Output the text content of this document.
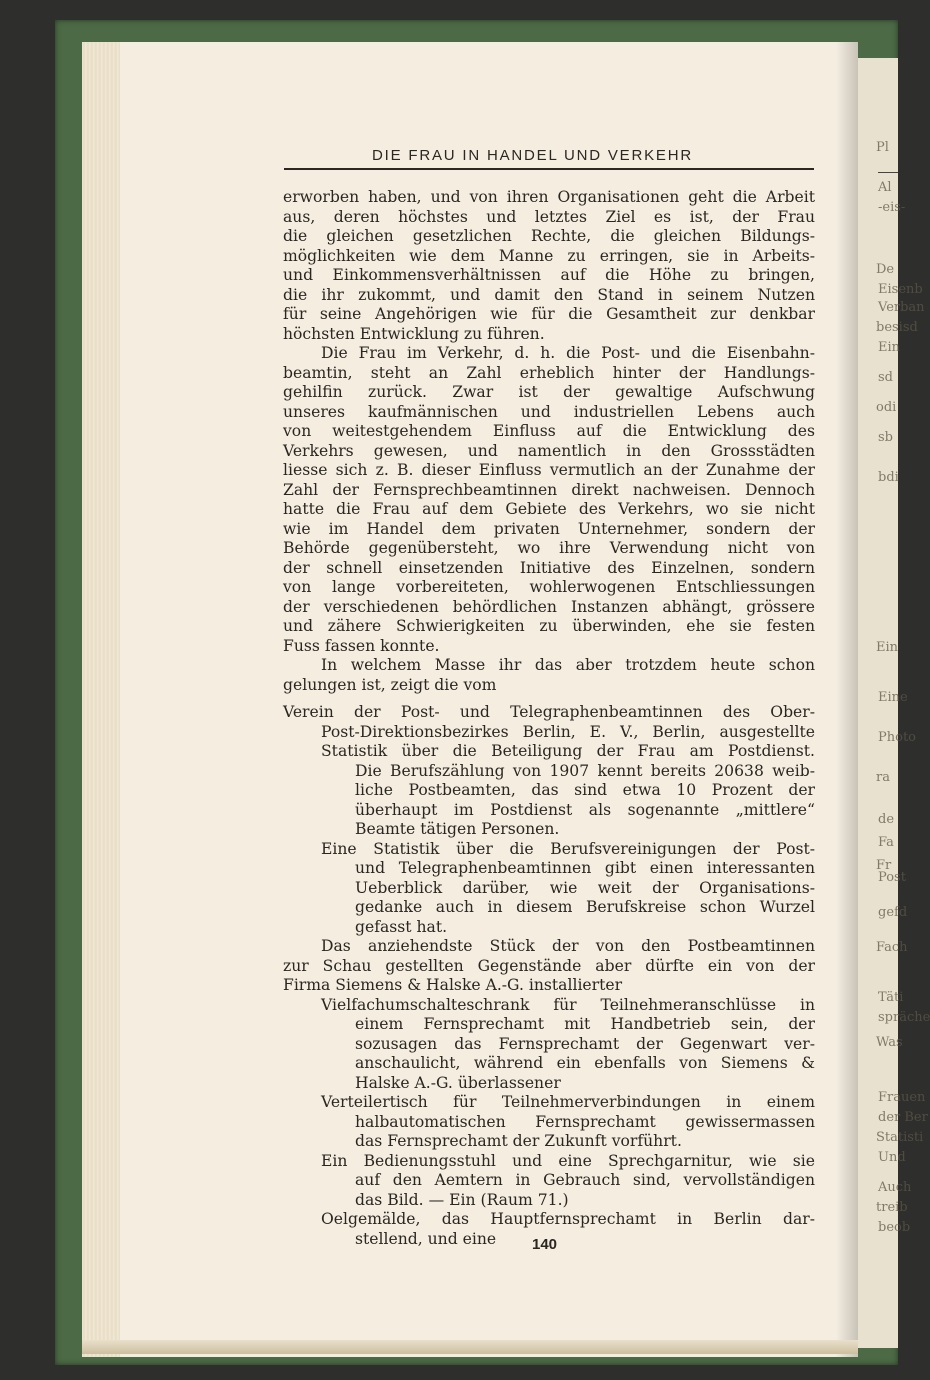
Pl
Al
-eis-
De
Eisenb
Verban
besisd
Ein
sd
odi
sb
bdi
Ein
Eine
Photo
ra
de
Fa
Fr
Post
gefd
Fach
Täti
spräche
Was
Frauen
der Ber
Statisti
Und
Auch
treib
beob
DIE FRAU IN HANDEL UND VERKEHR
erworben haben, und von ihren Organisationen geht die Arbeit
aus, deren höchstes und letztes Ziel es ist, der Frau
die gleichen gesetzlichen Rechte, die gleichen Bildungs-
möglichkeiten wie dem Manne zu erringen, sie in Arbeits-
und Einkommensverhältnissen auf die Höhe zu bringen,
die ihr zukommt, und damit den Stand in seinem Nutzen
für seine Angehörigen wie für die Gesamtheit zur denkbar
höchsten Entwicklung zu führen.
Die Frau im Verkehr, d. h. die Post- und die Eisenbahn-
beamtin, steht an Zahl erheblich hinter der Handlungs-
gehilfin zurück. Zwar ist der gewaltige Aufschwung
unseres kaufmännischen und industriellen Lebens auch
von weitestgehendem Einfluss auf die Entwicklung des
Verkehrs gewesen, und namentlich in den Grossstädten
liesse sich z. B. dieser Einfluss vermutlich an der Zunahme der
Zahl der Fernsprechbeamtinnen direkt nachweisen. Dennoch
hatte die Frau auf dem Gebiete des Verkehrs, wo sie nicht
wie im Handel dem privaten Unternehmer, sondern der
Behörde gegenübersteht, wo ihre Verwendung nicht von
der schnell einsetzenden Initiative des Einzelnen, sondern
von lange vorbereiteten, wohlerwogenen Entschliessungen
der verschiedenen behördlichen Instanzen abhängt, grössere
und zähere Schwierigkeiten zu überwinden, ehe sie festen
Fuss fassen konnte.
In welchem Masse ihr das aber trotzdem heute schon
gelungen ist, zeigt die vom
Verein der Post- und Telegraphenbeamtinnen des Ober-
Post-Direktionsbezirkes Berlin, E. V., Berlin, ausgestellte
Statistik über die Beteiligung der Frau am Postdienst.
Die Berufszählung von 1907 kennt bereits 20638 weib-
liche Postbeamten, das sind etwa 10 Prozent der
überhaupt im Postdienst als sogenannte „mittlere“
Beamte tätigen Personen.
Eine Statistik über die Berufsvereinigungen der Post-
und Telegraphenbeamtinnen gibt einen interessanten
Ueberblick darüber, wie weit der Organisations-
gedanke auch in diesem Berufskreise schon Wurzel
gefasst hat.
Das anziehendste Stück der von den Postbeamtinnen
zur Schau gestellten Gegenstände aber dürfte ein von der
Firma Siemens & Halske A.-G. installierter
Vielfachumschalteschrank für Teilnehmeranschlüsse in
einem Fernsprechamt mit Handbetrieb sein, der
sozusagen das Fernsprechamt der Gegenwart ver-
anschaulicht, während ein ebenfalls von Siemens &
Halske A.-G. überlassener
Verteilertisch für Teilnehmerverbindungen in einem
halbautomatischen Fernsprechamt gewissermassen
das Fernsprechamt der Zukunft vorführt.
Ein Bedienungsstuhl und eine Sprechgarnitur, wie sie
auf den Aemtern in Gebrauch sind, vervollständigen
das Bild. — Ein (Raum 71.)
Oelgemälde, das Hauptfernsprechamt in Berlin dar-
stellend, und eine	140
